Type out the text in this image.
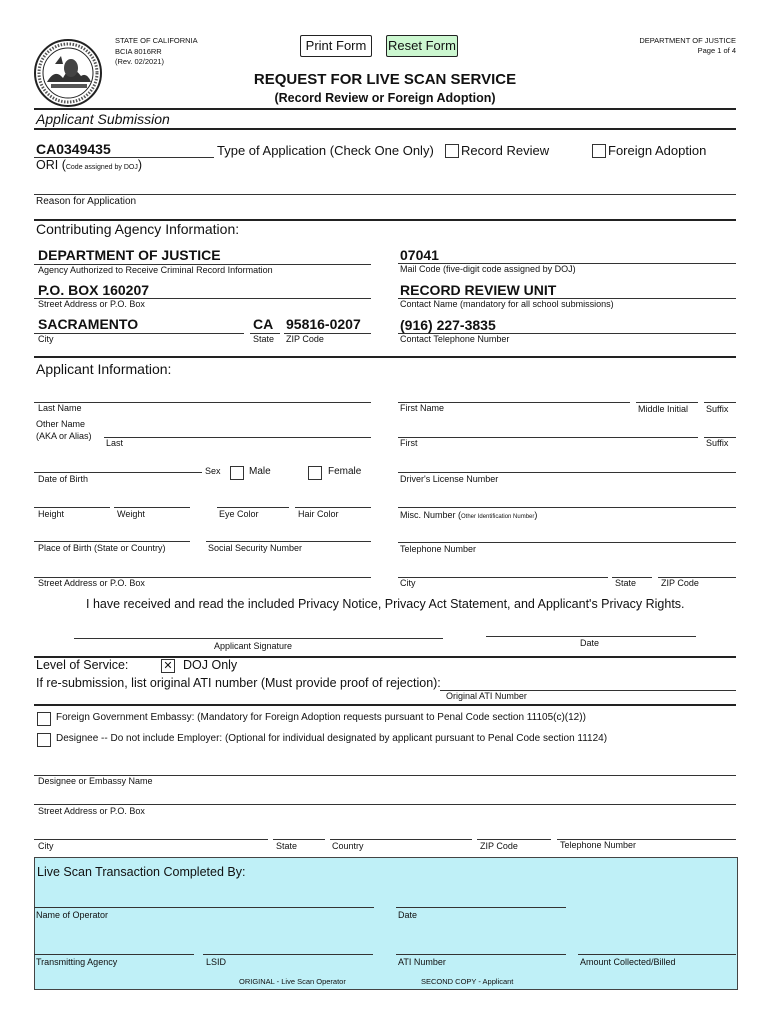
STATE OF CALIFORNIA
BCIA 8016RR
(Rev. 02/2021)
Print Form	Reset Form	DEPARTMENT OF JUSTICE
Page 1 of 4
REQUEST FOR LIVE SCAN SERVICE
(Record Review or Foreign Adoption)
Applicant Submission
CA0349435
ORI (Code assigned by DOJ)
Type of Application (Check One Only) Record Review	Foreign Adoption
Reason for Application
Contributing Agency Information:
DEPARTMENT OF JUSTICE
Agency Authorized to Receive Criminal Record Information
07041
Mail Code (five-digit code assigned by DOJ)
P.O. BOX 160207
Street Address or P.O. Box
RECORD REVIEW UNIT
Contact Name (mandatory for all school submissions)
SACRAMENTO
City
CA
State
95816-0207
ZIP Code
(916) 227-3835
Contact Telephone Number
Applicant Information:
Last Name	First Name	Middle Initial Suffix
Other Name
(AKA or Alias)
Last	First	Suffix
Date of Birth
Sex	Male	Female
Driver's License Number
Height	Weight	Eye Color	Hair Color	Misc. Number (Other Identification Number)
Place of Birth (State or Country)	Social Security Number	Telephone Number
Street Address or P.O. Box	City	State	ZIP Code
I have received and read the included Privacy Notice, Privacy Act Statement, and Applicant's Privacy Rights.
Applicant Signature	Date
Level of Service:	✕ DOJ Only
If re-submission, list original ATI number (Must provide proof of rejection):
Original ATI Number
Foreign Government Embassy: (Mandatory for Foreign Adoption requests pursuant to Penal Code section 11105(c)(12))
Designee -- Do not include Employer: (Optional for individual designated by applicant pursuant to Penal Code section 11124)
Designee or Embassy Name
Street Address or P.O. Box
City	State	Country	ZIP Code	Telephone Number
Live Scan Transaction Completed By:
Name of Operator	Date
Transmitting Agency	LSID	ATI Number	Amount Collected/Billed
ORIGINAL - Live Scan Operator	SECOND COPY - Applicant
